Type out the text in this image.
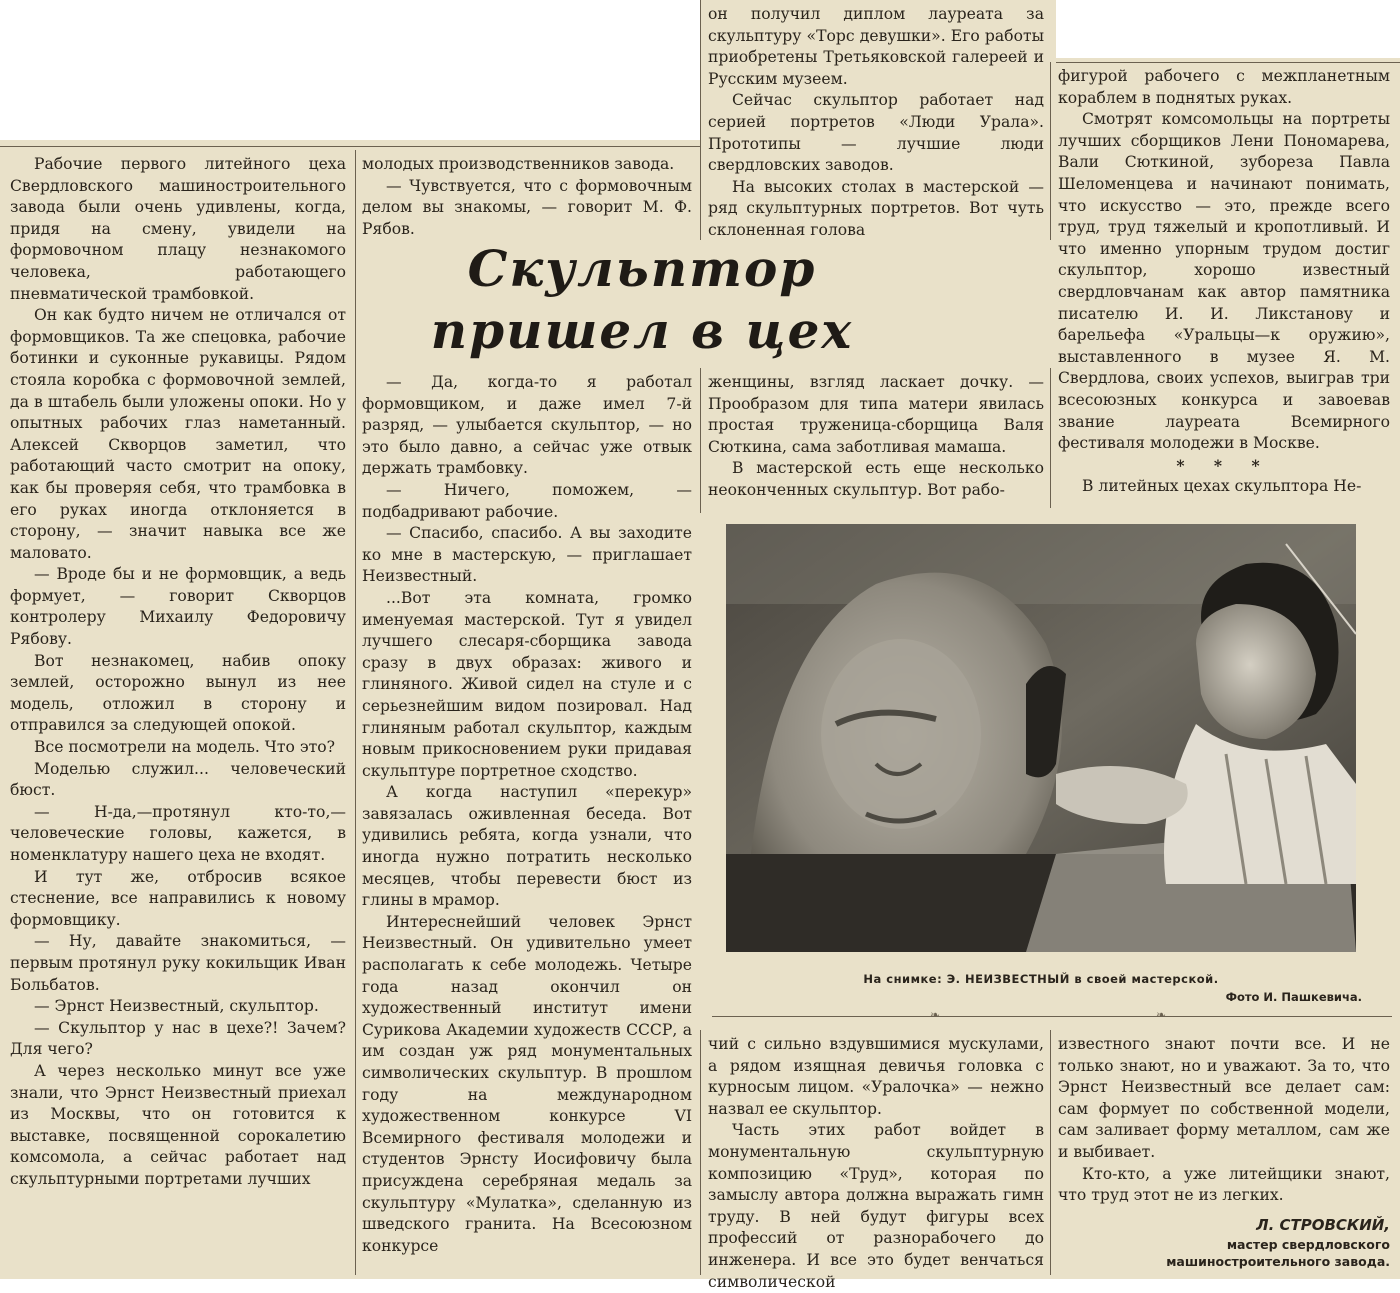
❧	❧

Рабочие первого литейного цеха Свердловского машиностроительного завода были очень удивлены, когда, придя на смену, увидели на формовочном плацу незнакомого человека, работающего пневматической трамбовкой.

Он как будто ничем не отличался от формовщиков. Та же спецовка, рабочие ботинки и суконные рукавицы. Рядом стояла коробка с формовочной землей, да в штабель были уложены опоки. Но у опытных рабочих глаз наметанный. Алексей Скворцов заметил, что работающий часто смотрит на опоку, как бы проверяя себя, что трамбовка в его руках иногда отклоняется в сторону, — значит навыка все же маловато.

— Вроде бы и не формовщик, а ведь формует, — говорит Скворцов контролеру Михаилу Федоровичу Рябову.

Вот незнакомец, набив опоку землей, осторожно вынул из нее модель, отложил в сторону и отправился за следующей опокой.

Все посмотрели на модель. Что это?

Моделью служил... человеческий бюст.

— Н-да,—протянул кто-то,—человеческие головы, кажется, в номенклатуру нашего цеха не входят.

И тут же, отбросив всякое стеснение, все направились к новому формовщику.

— Ну, давайте знакомиться, — первым протянул руку кокильщик Иван Больбатов.

— Эрнст Неизвестный, скульптор.

— Скульптор у нас в цехе?! Зачем? Для чего?

А через несколько минут все уже знали, что Эрнст Неизвестный приехал из Москвы, что он готовится к выставке, посвященной сорокалетию комсомола, а сейчас работает над скульптурными портретами лучших

молодых производственников завода.

— Чувствуется, что с формовочным делом вы знакомы, — говорит М. Ф. Рябов.

он получил диплом лауреата за скульптуру «Торс девушки». Его работы приобретены Третьяковской галереей и Русским музеем.

Сейчас скульптор работает над серией портретов «Люди Урала». Прототипы — лучшие люди свердловских заводов.

На высоких столах в мастерской — ряд скульптурных портретов. Вот чуть склоненная голова

Скульптор
пришел в цех

— Да, когда-то я работал формовщиком, и даже имел 7-й разряд, — улыбается скульптор, — но это было давно, а сейчас уже отвык держать трамбовку.

— Ничего, поможем, — подбадривают рабочие.

— Спасибо, спасибо. А вы заходите ко мне в мастерскую, — приглашает Неизвестный.

...Вот эта комната, громко именуемая мастерской. Тут я увидел лучшего слесаря-сборщика завода сразу в двух образах: живого и глиняного. Живой сидел на стуле и с серьезнейшим видом позировал. Над глиняным работал скульптор, каждым новым прикосновением руки придавая скульптуре портретное сходство.

А когда наступил «перекур» завязалась оживленная беседа. Вот удивились ребята, когда узнали, что иногда нужно потратить несколько месяцев, чтобы перевести бюст из глины в мрамор.

Интереснейший человек Эрнст Неизвестный. Он удивительно умеет располагать к себе молодежь. Четыре года назад окончил он художественный институт имени Сурикова Академии художеств СССР, а им создан уж ряд монументальных символических скульптур. В прошлом году на международном художественном конкурсе VI Всемирного фестиваля молодежи и студентов Эрнсту Иосифовичу была присуждена серебряная медаль за скульптуру «Мулатка», сделанную из шведского гранита. На Всесоюзном конкурсе

женщины, взгляд ласкает дочку. — Прообразом для типа матери явилась простая труженица-сборщица Валя Сюткина, сама заботливая мамаша.

В мастерской есть еще несколько неоконченных скульптур. Вот рабо-

фигурой рабочего с межпланетным кораблем в поднятых руках.

Смотрят комсомольцы на портреты лучших сборщиков Лени Пономарева, Вали Сюткиной, зубореза Павла Шеломенцева и начинают понимать, что искусство — это, прежде всего труд, труд тяжелый и кропотливый. И что именно упорным трудом достиг скульптор, хорошо известный свердловчанам как автор памятника писателю И. И. Ликстанову и барельефа «Уральцы—к оружию», выставленного в музее Я. М. Свердлова, своих успехов, выиграв три всесоюзных конкурса и завоевав звание лауреата Всемирного фестиваля молодежи в Москве.

* * *

В литейных цехах скульптора Не-

На снимке: Э. НЕИЗВЕСТНЫЙ в своей мастерской.
Фото И. Пашкевича.

чий с сильно вздувшимися мускулами, а рядом изящная девичья головка с курносым лицом. «Уралочка» — нежно назвал ее скульптор.

Часть этих работ войдет в монументальную скульптурную композицию «Труд», которая по замыслу автора должна выражать гимн труду. В ней будут фигуры всех профессий от разнорабочего до инженера. И все это будет венчаться символической

известного знают почти все. И не только знают, но и уважают. За то, что Эрнст Неизвестный все делает сам: сам формует по собственной модели, сам заливает форму металлом, сам же и выбивает.

Кто-кто, а уже литейщики знают, что труд этот не из легких.

Л. СТРОВСКИЙ,
мастер свердловского
машиностроительного завода.
